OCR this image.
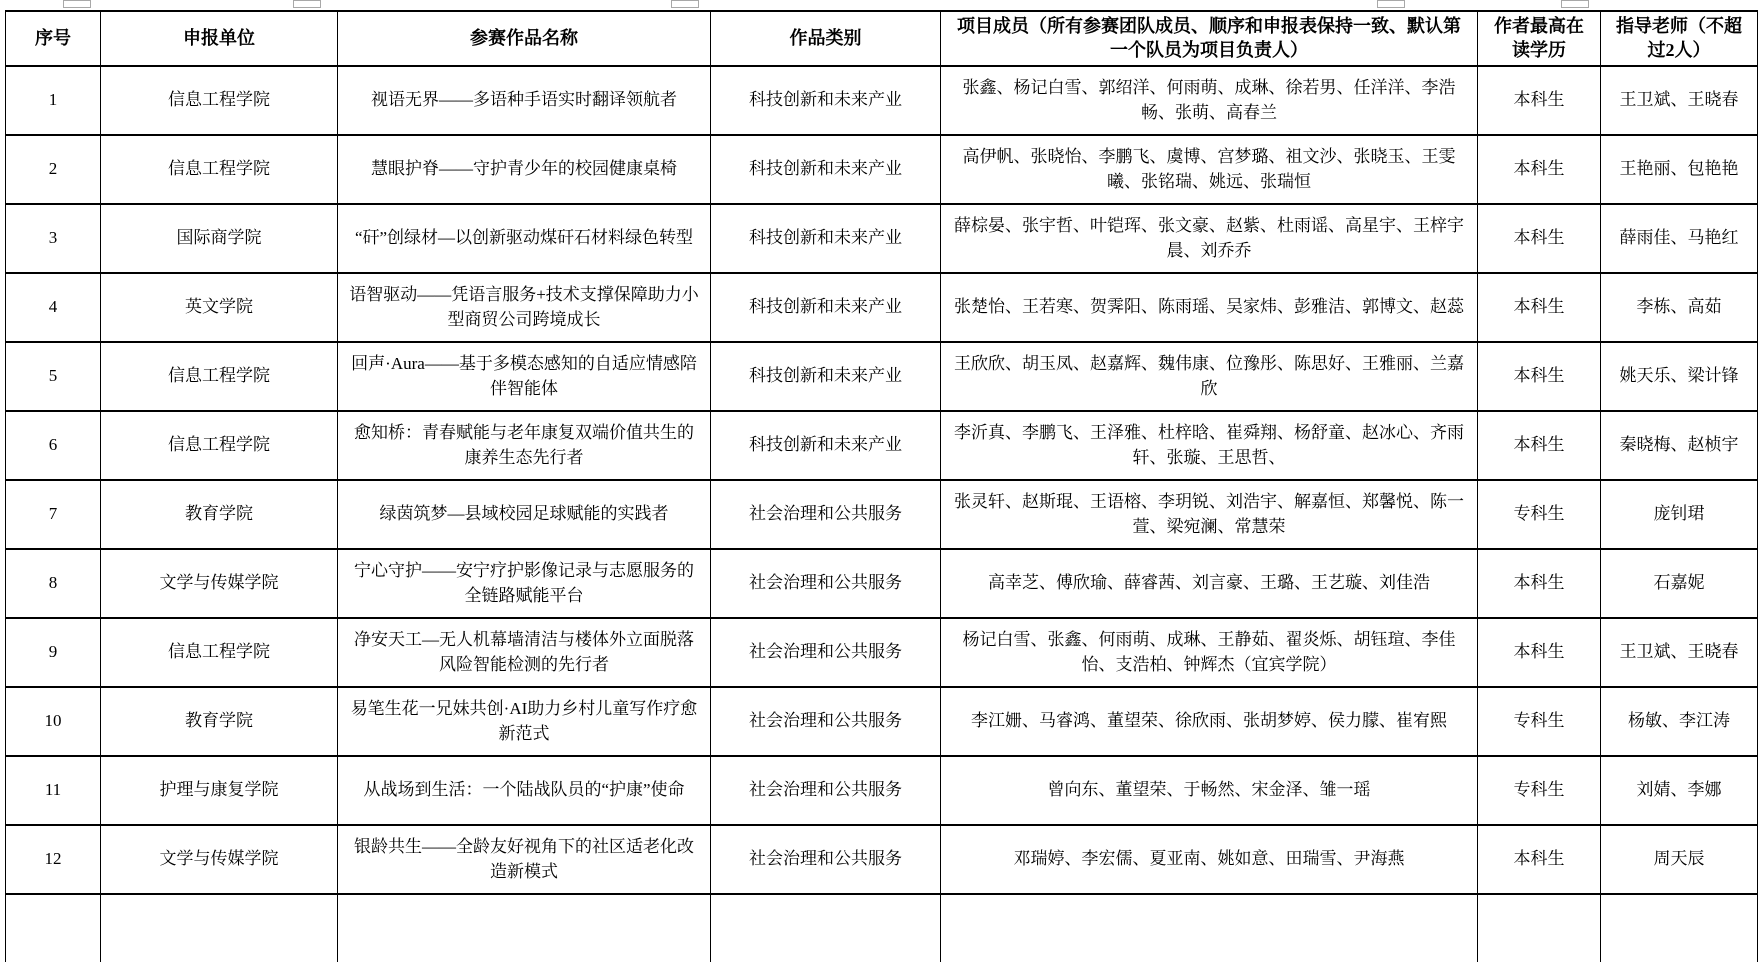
序号	申报单位	参赛作品名称	作品类别	项目成员（所有参赛团队成员、顺序和申报表保持一致、默认第一个队员为项目负责人）	作者最高在读学历	指导老师（不超过2人）
1	信息工程学院	视语无界——多语种手语实时翻译领航者	科技创新和未来产业	张鑫、杨记白雪、郭绍洋、何雨萌、成琳、徐若男、任洋洋、李浩畅、张萌、高春兰	本科生	王卫斌、王晓春
2	信息工程学院	慧眼护脊——守护青少年的校园健康桌椅	科技创新和未来产业	高伊帆、张晓怡、李鹏飞、虞博、宫梦璐、祖文沙、张晓玉、王雯曦、张铭瑞、姚远、张瑞恒	本科生	王艳丽、包艳艳
3	国际商学院	“矸”创绿材—以创新驱动煤矸石材料绿色转型	科技创新和未来产业	薛棕晏、张宇哲、叶铠珲、张文豪、赵紫、杜雨谣、高星宇、王梓宇晨、刘乔乔	本科生	薛雨佳、马艳红
4	英文学院	语智驱动——凭语言服务+技术支撑保障助力小型商贸公司跨境成长	科技创新和未来产业	张楚怡、王若寒、贺霁阳、陈雨瑶、吴家炜、彭雅洁、郭博文、赵蕊	本科生	李栋、高茹
5	信息工程学院	回声·Aura——基于多模态感知的自适应情感陪伴智能体	科技创新和未来产业	王欣欣、胡玉凤、赵嘉辉、魏伟康、位豫彤、陈思好、王雅丽、兰嘉欣	本科生	姚天乐、梁计锋
6	信息工程学院	愈知桥：青春赋能与老年康复双端价值共生的康养生态先行者	科技创新和未来产业	李沂真、李鹏飞、王泽雅、杜梓晗、崔舜翔、杨舒童、赵冰心、齐雨轩、张璇、王思哲、	本科生	秦晓梅、赵桢宇
7	教育学院	绿茵筑梦—县域校园足球赋能的实践者	社会治理和公共服务	张灵轩、赵斯琨、王语榕、李玥锐、刘浩宇、解嘉恒、郑馨悦、陈一萱、梁宛澜、常慧荣	专科生	庞钊珺
8	文学与传媒学院	宁心守护——安宁疗护影像记录与志愿服务的全链路赋能平台	社会治理和公共服务	高幸芝、傅欣瑜、薛睿茜、刘言豪、王璐、王艺璇、刘佳浩	本科生	石嘉妮
9	信息工程学院	净安天工—无人机幕墙清洁与楼体外立面脱落风险智能检测的先行者	社会治理和公共服务	杨记白雪、张鑫、何雨萌、成琳、王静茹、翟炎烁、胡钰瑄、李佳怡、支浩柏、钟辉杰（宜宾学院）	本科生	王卫斌、王晓春
10	教育学院	易笔生花一兄妹共创·AI助力乡村儿童写作疗愈新范式	社会治理和公共服务	李江姗、马睿鸿、董望荣、徐欣雨、张胡梦婷、侯力朦、崔宥熙	专科生	杨敏、李江涛
11	护理与康复学院	从战场到生活：一个陆战队员的“护康”使命	社会治理和公共服务	曾向东、董望荣、于畅然、宋金泽、雏一瑶	专科生	刘婧、李娜
12	文学与传媒学院	银龄共生——全龄友好视角下的社区适老化改造新模式	社会治理和公共服务	邓瑞婷、李宏儒、夏亚南、姚如意、田瑞雪、尹海燕	本科生	周天辰
